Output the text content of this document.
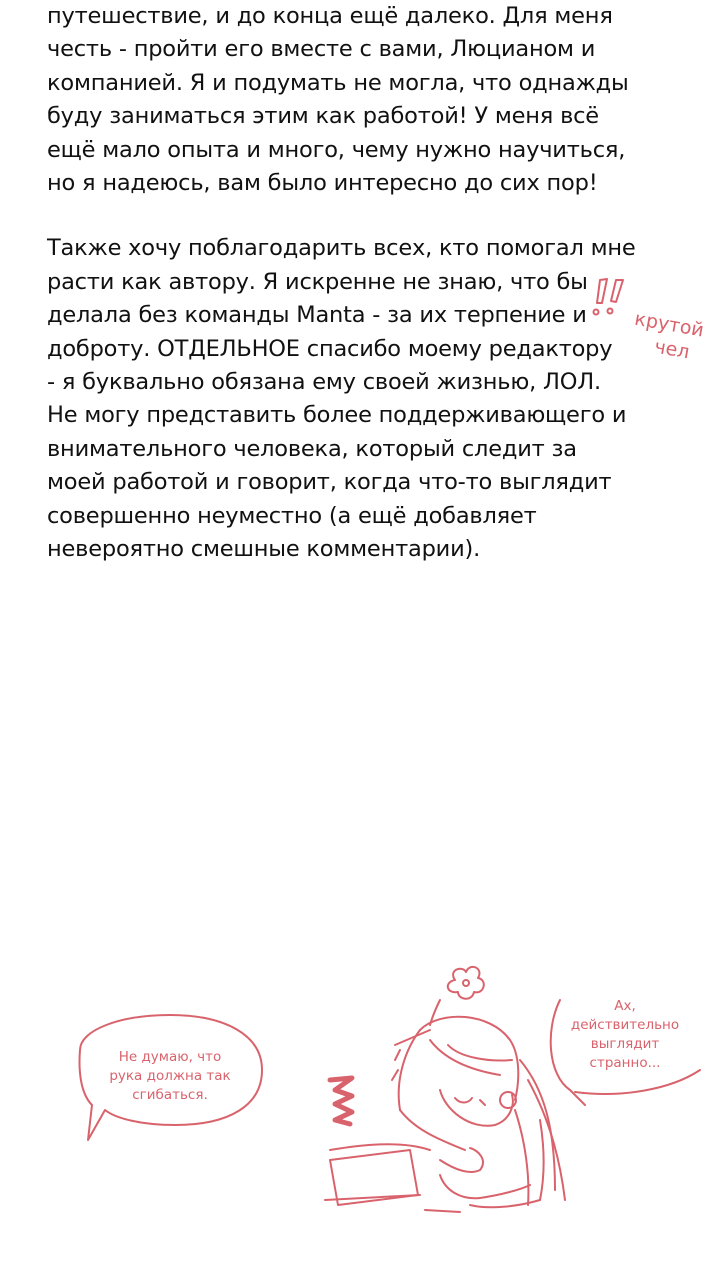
путешествие, и до конца ещё далеко. Для меня
честь - пройти его вместе с вами, Люцианом и
компанией. Я и подумать не могла, что однажды
буду заниматься этим как работой! У меня всё
ещё мало опыта и много, чему нужно научиться,
но я надеюсь, вам было интересно до сих пор!

Также хочу поблагодарить всех, кто помогал мне
расти как автору. Я искренне не знаю, что бы
делала без команды Manta - за их терпение и
доброту. ОТДЕЛЬНОЕ спасибо моему редактору
- я буквально обязана ему своей жизнью, ЛОЛ.
Не могу представить более поддерживающего и
внимательного человека, который следит за
моей работой и говорит, когда что-то выглядит
совершенно неуместно (а ещё добавляет
невероятно смешные комментарии).

крутой
чел
Не думаю, что
рука должна так
сгибаться.
Ах,
действительно
выглядит
странно...
